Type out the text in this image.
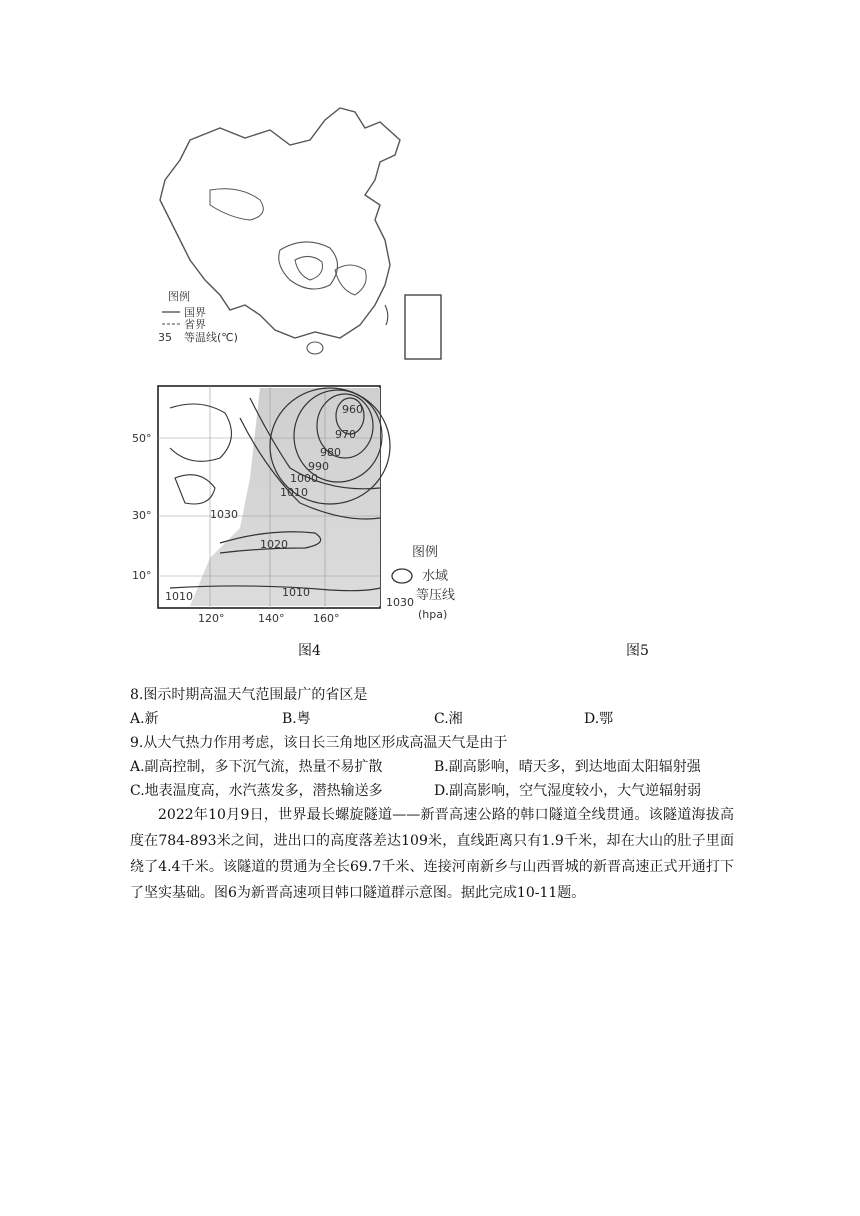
图例
国界
省界
35 等温线(℃)
50°
30°
10°
120°	140°	160°
960
970
980
990
1000
1010
1020
1030
1010	1010
图例
水域
等压线
1030
(hpa)
图4	图5
8.图示时期高温天气范围最广的省区是
A.新	B.粤	C.湘	D.鄂
9.从大气热力作用考虑，该日长三角地区形成高温天气是由于
A.副高控制，多下沉气流，热量不易扩散	B.副高影响，晴天多，到达地面太阳辐射强
C.地表温度高，水汽蒸发多，潜热输送多	D.副高影响，空气湿度较小，大气逆辐射弱
2022年10月9日，世界最长螺旋隧道——新晋高速公路的韩口隧道全线贯通。该隧道海拔高度在784-893米之间，进出口的高度落差达109米，直线距离只有1.9千米，却在大山的肚子里面绕了4.4千米。该隧道的贯通为全长69.7千米、连接河南新乡与山西晋城的新晋高速正式开通打下了坚实基础。图6为新晋高速项目韩口隧道群示意图。据此完成10-11题。
